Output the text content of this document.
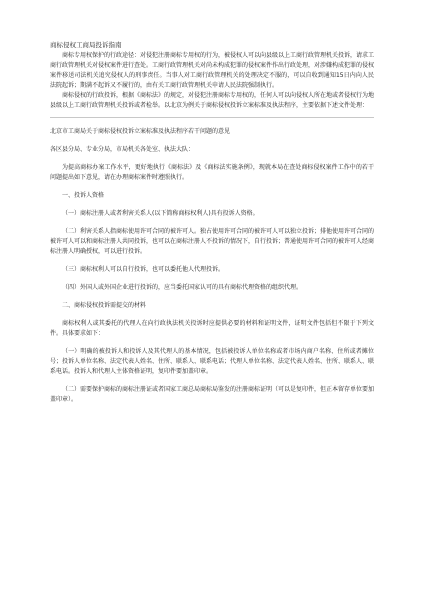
商标侵权工商局投诉指南

商标专用权保护的行政途径：对侵犯注册商标专用权的行为，被侵权人可以向县级以上工商行政管理机关投诉，请求工商行政管理机关对侵权案件进行查处。工商行政管理机关对尚未构成犯罪的侵权案件作出行政处理，对涉嫌构成犯罪的侵权案件移送司法机关追究侵权人的刑事责任。当事人对工商行政管理机关的处理决定不服的，可以自收到通知15日内向人民法院起诉；期满不起诉又不履行的，由有关工商行政管理机关申请人民法院强制执行。

商标侵权的行政投诉，根据《商标法》的规定，对侵犯注册商标专用权的，任何人可以向侵权人所在地或者侵权行为地县级以上工商行政管理机关投诉或者检举。以北京为例关于商标侵权投诉立案标准及执法程序，主要依据下述文件处理：

北京市工商局关于商标侵权投诉立案标准及执法程序若干问题的意见

各区县分局、专业分局，市局机关各处室、执法大队：

为提高商标办案工作水平，更好地执行《商标法》及《商标法实施条例》，现就本局在查处商标侵权案件工作中的若干问题提出如下意见，请在办理商标案件时遵照执行。

一、投诉人资格

（一）商标注册人或者利害关系人(以下简称商标权利人)具有投诉人资格。

（二）利害关系人指商标使用许可合同的被许可人。独占使用许可合同的被许可人可以独立投诉；排他使用许可合同的被许可人可以和商标注册人共同投诉，也可以在商标注册人不投诉的情况下，自行投诉；普通使用许可合同的被许可人经商标注册人明确授权，可以进行投诉。

（三）商标权利人可以自行投诉，也可以委托他人代理投诉。

（四）外国人或外国企业进行投诉的，应当委托国家认可的具有商标代理资格的组织代理。

二、商标侵权投诉需提交的材料

商标权利人或其委托的代理人在向行政执法机关投诉时应提供必要的材料和证明文件，证明文件包括但不限于下列文件。具体要求如下：

（一）明确的被投诉人和投诉人及其代理人的基本情况，包括被投诉人单位名称或者市场内商户名称、住所或者摊位号；投诉人单位名称、法定代表人姓名、住所、联系人、联系电话；代理人单位名称、法定代表人姓名、住所、联系人、联系电话。投诉人和代理人主体资格证明，复印件要加盖印章。

（二）需要保护商标的商标注册证或者国家工商总局商标局鉴发的注册商标证明（可以是复印件，但正本留存单位要加盖印章）。
